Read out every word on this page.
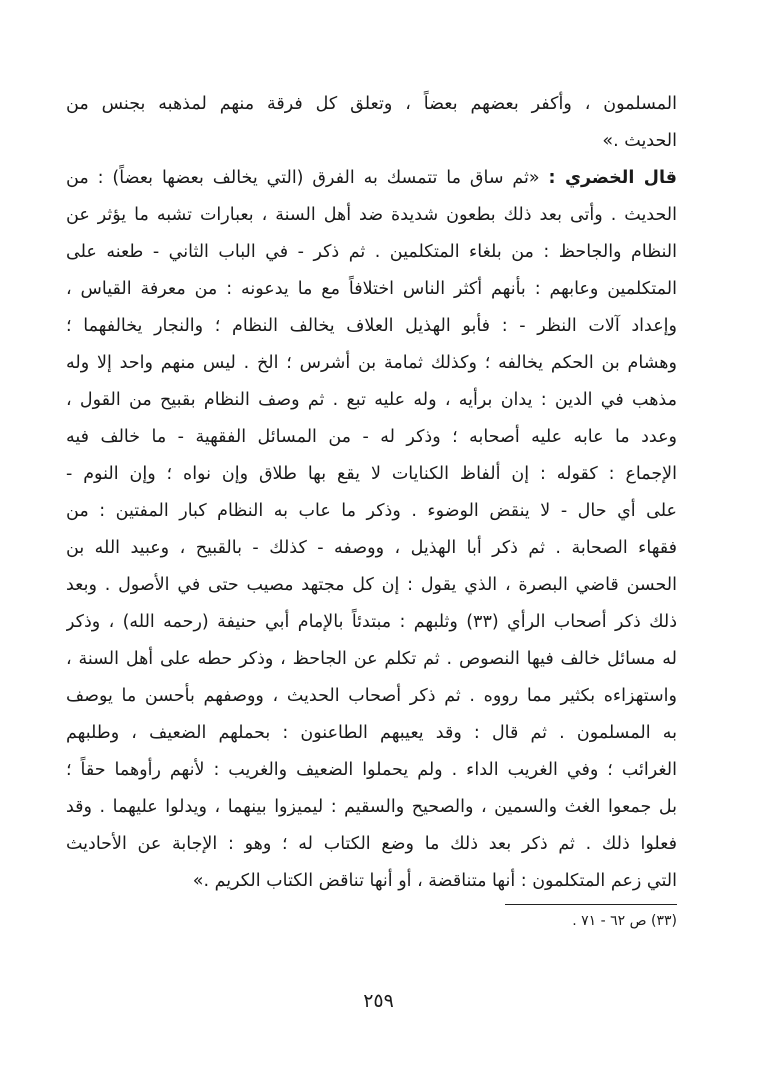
المسلمون ، وأكفر بعضهم بعضاً ، وتعلق كل فرقة منهم لمذهبه بجنس من
الحديث .»
قال الخضري : «ثم ساق ما تتمسك به الفرق (التي يخالف بعضها بعضاً) : من
الحديث . وأتى بعد ذلك بطعون شديدة ضد أهل السنة ، بعبارات تشبه ما يؤثر عن
النظام والجاحظ : من بلغاء المتكلمين . ثم ذكر - في الباب الثاني - طعنه على
المتكلمين وعابهم : بأنهم أكثر الناس اختلافاً مع ما يدعونه : من معرفة القياس ،
وإعداد آلات النظر - : فأبو الهذيل العلاف يخالف النظام ؛ والنجار يخالفهما ؛
وهشام بن الحكم يخالفه ؛ وكذلك ثمامة بن أشرس ؛ الخ . ليس منهم واحد إلا وله
مذهب في الدين : يدان برأيه ، وله عليه تبع . ثم وصف النظام بقبيح من القول ،
وعدد ما عابه عليه أصحابه ؛ وذكر له - من المسائل الفقهية - ما خالف فيه
الإجماع : كقوله : إن ألفاظ الكنايات لا يقع بها طلاق وإن نواه ؛ وإن النوم -
على أي حال - لا ينقض الوضوء . وذكر ما عاب به النظام كبار المفتين : من
فقهاء الصحابة . ثم ذكر أبا الهذيل ، ووصفه - كذلك - بالقبيح ، وعبيد الله بن
الحسن قاضي البصرة ، الذي يقول : إن كل مجتهد مصيب حتى في الأصول . وبعد
ذلك ذكر أصحاب الرأي (٣٣) وثلبهم : مبتدئاً بالإمام أبي حنيفة (رحمه الله) ، وذكر
له مسائل خالف فيها النصوص . ثم تكلم عن الجاحظ ، وذكر حطه على أهل السنة ،
واستهزاءه بكثير مما رووه . ثم ذكر أصحاب الحديث ، ووصفهم بأحسن ما يوصف
به المسلمون . ثم قال : وقد يعيبهم الطاعنون : بحملهم الضعيف ، وطلبهم
الغرائب ؛ وفي الغريب الداء . ولم يحملوا الضعيف والغريب : لأنهم رأوهما حقاً ؛
بل جمعوا الغث والسمين ، والصحيح والسقيم : ليميزوا بينهما ، ويدلوا عليهما . وقد
فعلوا ذلك . ثم ذكر بعد ذلك ما وضع الكتاب له ؛ وهو : الإجابة عن الأحاديث
التي زعم المتكلمون : أنها متناقضة ، أو أنها تناقض الكتاب الكريم .»
(٣٣) ص ٦٢ - ٧١ .
٢٥٩
